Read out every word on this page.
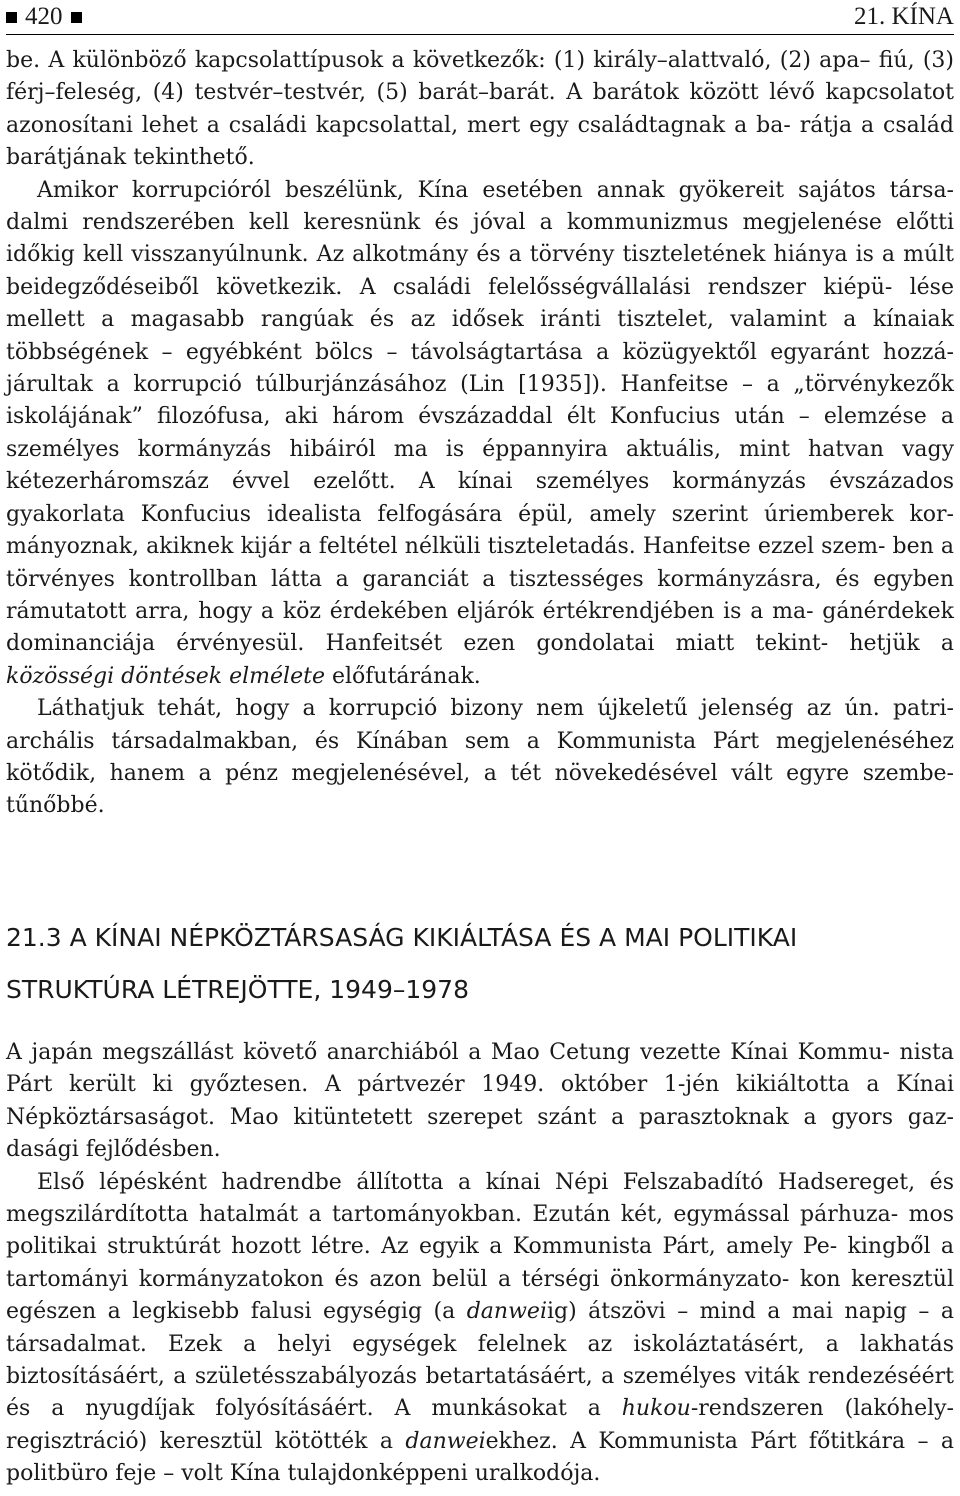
420	21. KÍNA

be. A különböző kapcsolattípusok a következők: (1) király–alattvaló, (2) apa– fiú, (3) férj–feleség, (4) testvér–testvér, (5) barát–barát. A barátok között lévő kapcsolatot azonosítani lehet a családi kapcsolattal, mert egy családtagnak a ba- rátja a család barátjának tekinthető.

Amikor korrupcióról beszélünk, Kína esetében annak gyökereit sajátos társa- dalmi rendszerében kell keresnünk és jóval a kommunizmus megjelenése előtti időkig kell visszanyúlnunk. Az alkotmány és a törvény tiszteletének hiánya is a múlt beidegződéseiből következik. A családi felelősségvállalási rendszer kiépü- lése mellett a magasabb rangúak és az idősek iránti tisztelet, valamint a kínaiak többségének – egyébként bölcs – távolságtartása a közügyektől egyaránt hozzá- járultak a korrupció túlburjánzásához (Lin [1935]). Hanfeitse – a „törvénykezők iskolájának” filozófusa, aki három évszázaddal élt Konfucius után – elemzése a személyes kormányzás hibáiról ma is éppannyira aktuális, mint hatvan vagy kétezerháromszáz évvel ezelőtt. A kínai személyes kormányzás évszázados gyakorlata Konfucius idealista felfogására épül, amely szerint úriemberek kor- mányoznak, akiknek kijár a feltétel nélküli tiszteletadás. Hanfeitse ezzel szem- ben a törvényes kontrollban látta a garanciát a tisztességes kormányzásra, és egyben rámutatott arra, hogy a köz érdekében eljárók értékrendjében is a ma- gánérdekek dominanciája érvényesül. Hanfeitsét ezen gondolatai miatt tekint- hetjük a közösségi döntések elmélete előfutárának.

Láthatjuk tehát, hogy a korrupció bizony nem újkeletű jelenség az ún. patri- archális társadalmakban, és Kínában sem a Kommunista Párt megjelenéséhez kötődik, hanem a pénz megjelenésével, a tét növekedésével vált egyre szembe- tűnőbbé.

21.3 A KÍNAI NÉPKÖZTÁRSASÁG KIKIÁLTÁSA ÉS A MAI POLITIKAI
STRUKTÚRA LÉTREJÖTTE, 1949–1978

A japán megszállást követő anarchiából a Mao Cetung vezette Kínai Kommu- nista Párt került ki győztesen. A pártvezér 1949. október 1-jén kikiáltotta a Kínai Népköztársaságot. Mao kitüntetett szerepet szánt a parasztoknak a gyors gaz- dasági fejlődésben.

Első lépésként hadrendbe állította a kínai Népi Felszabadító Hadsereget, és megszilárdította hatalmát a tartományokban. Ezután két, egymással párhuza- mos politikai struktúrát hozott létre. Az egyik a Kommunista Párt, amely Pe- kingből a tartományi kormányzatokon és azon belül a térségi önkormányzato- kon keresztül egészen a legkisebb falusi egységig (a danweiig) átszövi – mind a mai napig – a társadalmat. Ezek a helyi egységek felelnek az iskoláztatásért, a lakhatás biztosításáért, a születésszabályozás betartatásáért, a személyes viták rendezéséért és a nyugdíjak folyósításáért. A munkásokat a hukou-rendszeren (lakóhely-regisztráció) keresztül kötötték a danweiekhez. A Kommunista Párt főtitkára – a politbüro feje – volt Kína tulajdonképpeni uralkodója.
